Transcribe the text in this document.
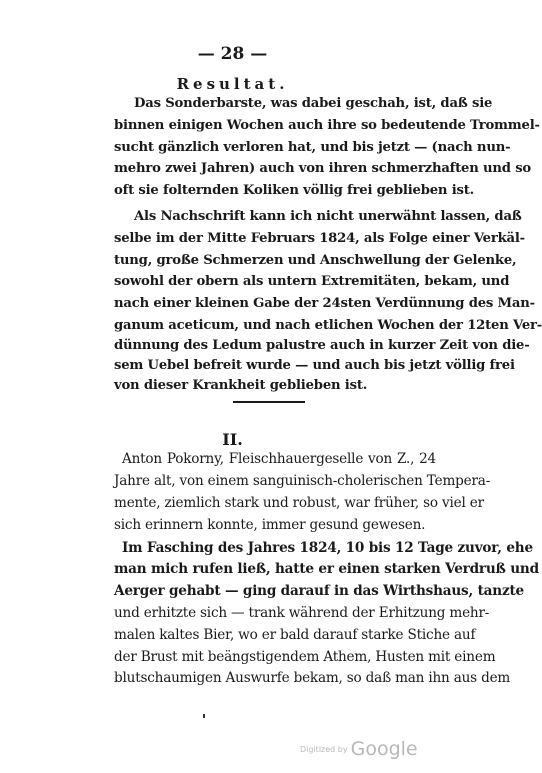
— 28 —
Resultat.
Das Sonderbarste, was dabei geschah, ist, daß sie
binnen einigen Wochen auch ihre so bedeutende Trommel-
sucht gänzlich verloren hat, und bis jetzt — (nach nun-
mehro zwei Jahren) auch von ihren schmerzhaften und so
oft sie folternden Koliken völlig frei geblieben ist.
Als Nachschrift kann ich nicht unerwähnt lassen, daß
selbe im der Mitte Februars 1824, als Folge einer Verkäl-
tung, große Schmerzen und Anschwellung der Gelenke,
sowohl der obern als untern Extremitäten, bekam, und
nach einer kleinen Gabe der 24sten Verdünnung des Man-
ganum aceticum, und nach etlichen Wochen der 12ten Ver-
dünnung des Ledum palustre auch in kurzer Zeit von die-
sem Uebel befreit wurde — und auch bis jetzt völlig frei
von dieser Krankheit geblieben ist.
II.
Anton Pokorny, Fleischhauergeselle von Z., 24
Jahre alt, von einem sanguinisch-cholerischen Tempera-
mente, ziemlich stark und robust, war früher, so viel er
sich erinnern konnte, immer gesund gewesen.
Im Fasching des Jahres 1824, 10 bis 12 Tage zuvor, ehe
man mich rufen ließ, hatte er einen starken Verdruß und
Aerger gehabt — ging darauf in das Wirthshaus, tanzte
und erhitzte sich — trank während der Erhitzung mehr-
malen kaltes Bier, wo er bald darauf starke Stiche auf
der Brust mit beängstigendem Athem, Husten mit einem
blutschaumigen Auswurfe bekam, so daß man ihn aus dem
Digitized by Google
